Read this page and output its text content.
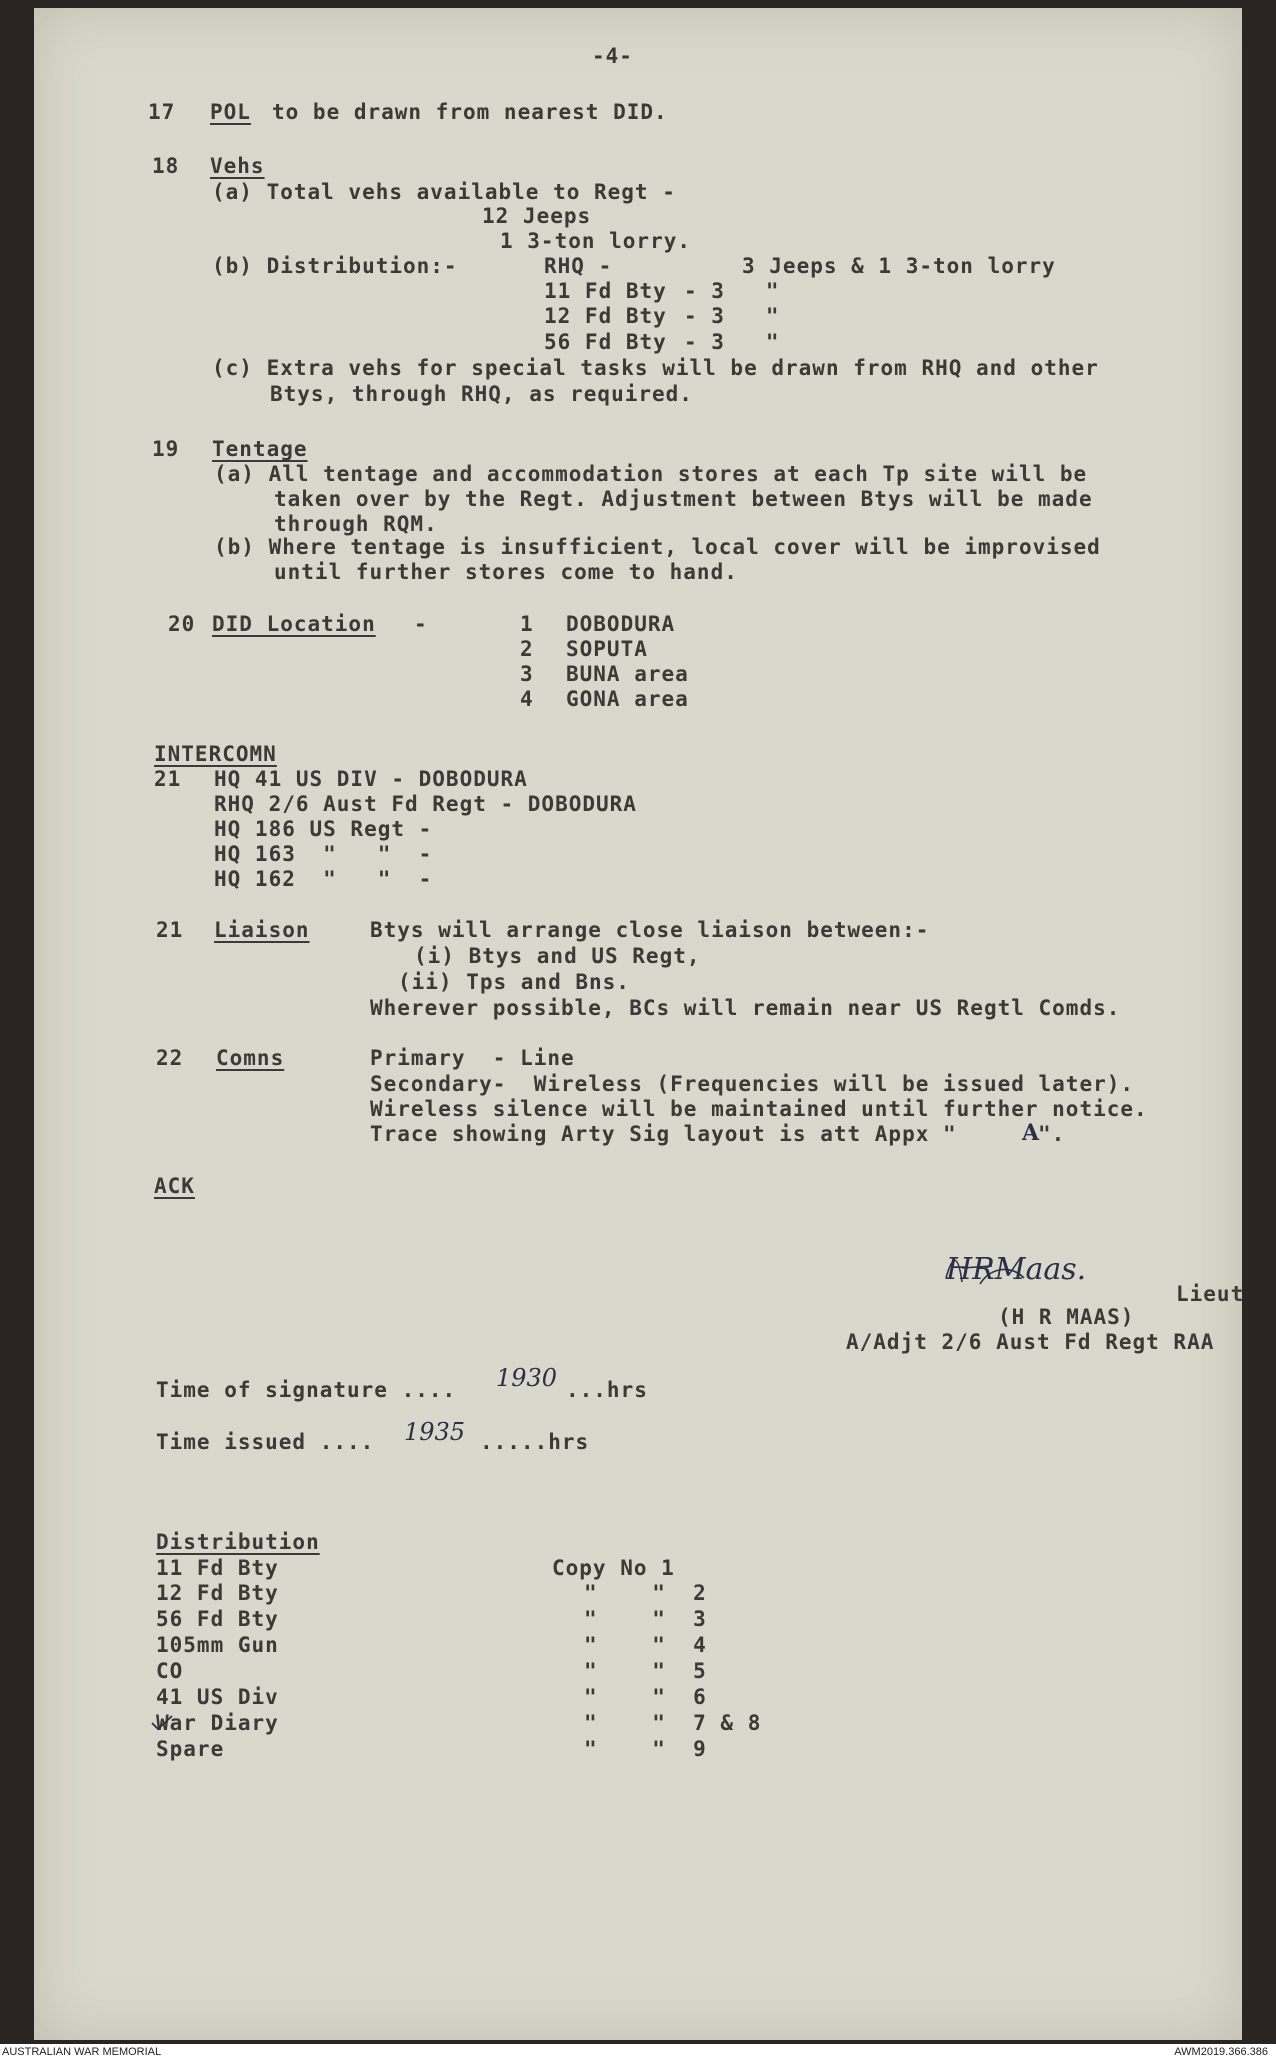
-4-
17 POL to be drawn from nearest DID.
18 Vehs
(a) Total vehs available to Regt -
12 Jeeps
1 3-ton lorry.
(b) Distribution:-	RHQ -	3 Jeeps & 1 3-ton lorry
11 Fd Bty - 3   "
12 Fd Bty - 3   "
56 Fd Bty - 3   "
(c) Extra vehs for special tasks will be drawn from RHQ and other
Btys, through RHQ, as required.
19 Tentage
(a) All tentage and accommodation stores at each Tp site will be
taken over by the Regt. Adjustment between Btys will be made
through RQM.
(b) Where tentage is insufficient, local cover will be improvised
until further stores come to hand.
20 DID Location -	1 DOBODURA
2 SOPUTA
3 BUNA area
4 GONA area
INTERCOMN
21 HQ 41 US DIV - DOBODURA
RHQ 2/6 Aust Fd Regt - DOBODURA
HQ 186 US Regt -
HQ 163  "   "  -
HQ 162  "   "  -
21 Liaison	Btys will arrange close liaison between:-
(i) Btys and US Regt,
(ii) Tps and Bns.
Wherever possible, BCs will remain near US Regtl Comds.
22 Comns	Primary  - Line
Secondary-  Wireless (Frequencies will be issued later).
Wireless silence will be maintained until further notice.
Trace showing Arty Sig layout is att Appx "	A
".
ACK
HRMaas.
Lieut
(H R MAAS)
A/Adjt 2/6 Aust Fd Regt RAA
Time of signature .... 1930 ...hrs
Time issued .... 1935 .....hrs
Distribution
11 Fd Bty	Copy No 1
12 Fd Bty	"    "  2
56 Fd Bty	"    "  3
105mm Gun	"    "  4
CO	"    "  5
41 US Div	"    "  6
War Diary	"    "  7 & 8
Spare	"    "  9
AUSTRALIAN WAR MEMORIAL	AWM2019.366.386
